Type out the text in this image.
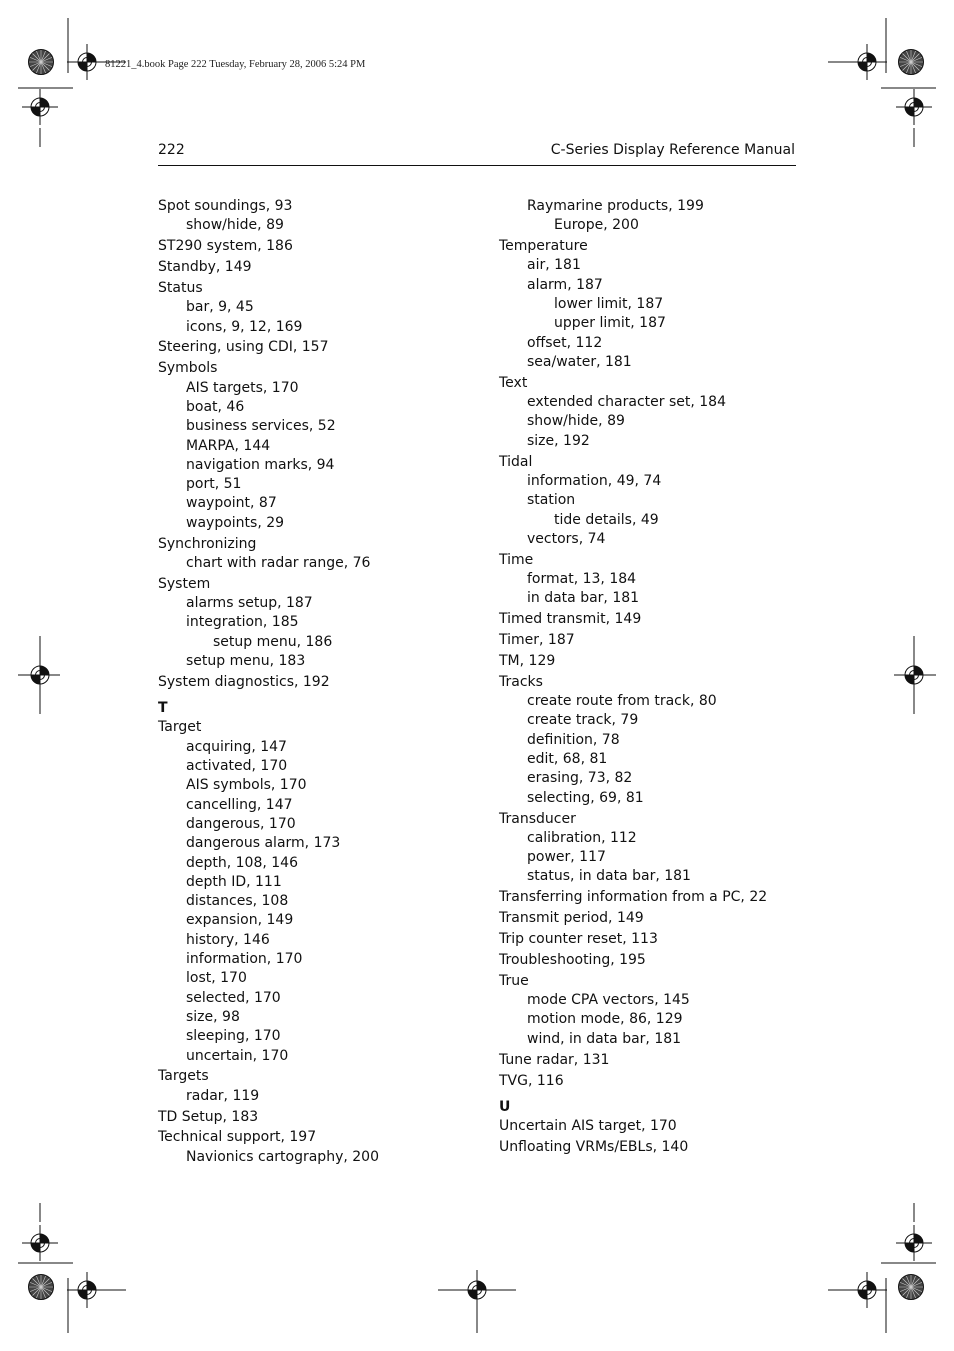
81221_4.book Page 222 Tuesday, February 28, 2006 5:24 PM
222	C-Series Display Reference Manual
Spot soundings, 93
show/hide, 89
ST290 system, 186
Standby, 149
Status
bar, 9, 45
icons, 9, 12, 169
Steering, using CDI, 157
Symbols
AIS targets, 170
boat, 46
business services, 52
MARPA, 144
navigation marks, 94
port, 51
waypoint, 87
waypoints, 29
Synchronizing
chart with radar range, 76
System
alarms setup, 187
integration, 185
setup menu, 186
setup menu, 183
System diagnostics, 192
T
Target
acquiring, 147
activated, 170
AIS symbols, 170
cancelling, 147
dangerous, 170
dangerous alarm, 173
depth, 108, 146
depth ID, 111
distances, 108
expansion, 149
history, 146
information, 170
lost, 170
selected, 170
size, 98
sleeping, 170
uncertain, 170
Targets
radar, 119
TD Setup, 183
Technical support, 197
Navionics cartography, 200
Raymarine products, 199
Europe, 200
Temperature
air, 181
alarm, 187
lower limit, 187
upper limit, 187
offset, 112
sea/water, 181
Text
extended character set, 184
show/hide, 89
size, 192
Tidal
information, 49, 74
station
tide details, 49
vectors, 74
Time
format, 13, 184
in data bar, 181
Timed transmit, 149
Timer, 187
TM, 129
Tracks
create route from track, 80
create track, 79
definition, 78
edit, 68, 81
erasing, 73, 82
selecting, 69, 81
Transducer
calibration, 112
power, 117
status, in data bar, 181
Transferring information from a PC, 22
Transmit period, 149
Trip counter reset, 113
Troubleshooting, 195
True
mode CPA vectors, 145
motion mode, 86, 129
wind, in data bar, 181
Tune radar, 131
TVG, 116
U
Uncertain AIS target, 170
Unfloating VRMs/EBLs, 140
